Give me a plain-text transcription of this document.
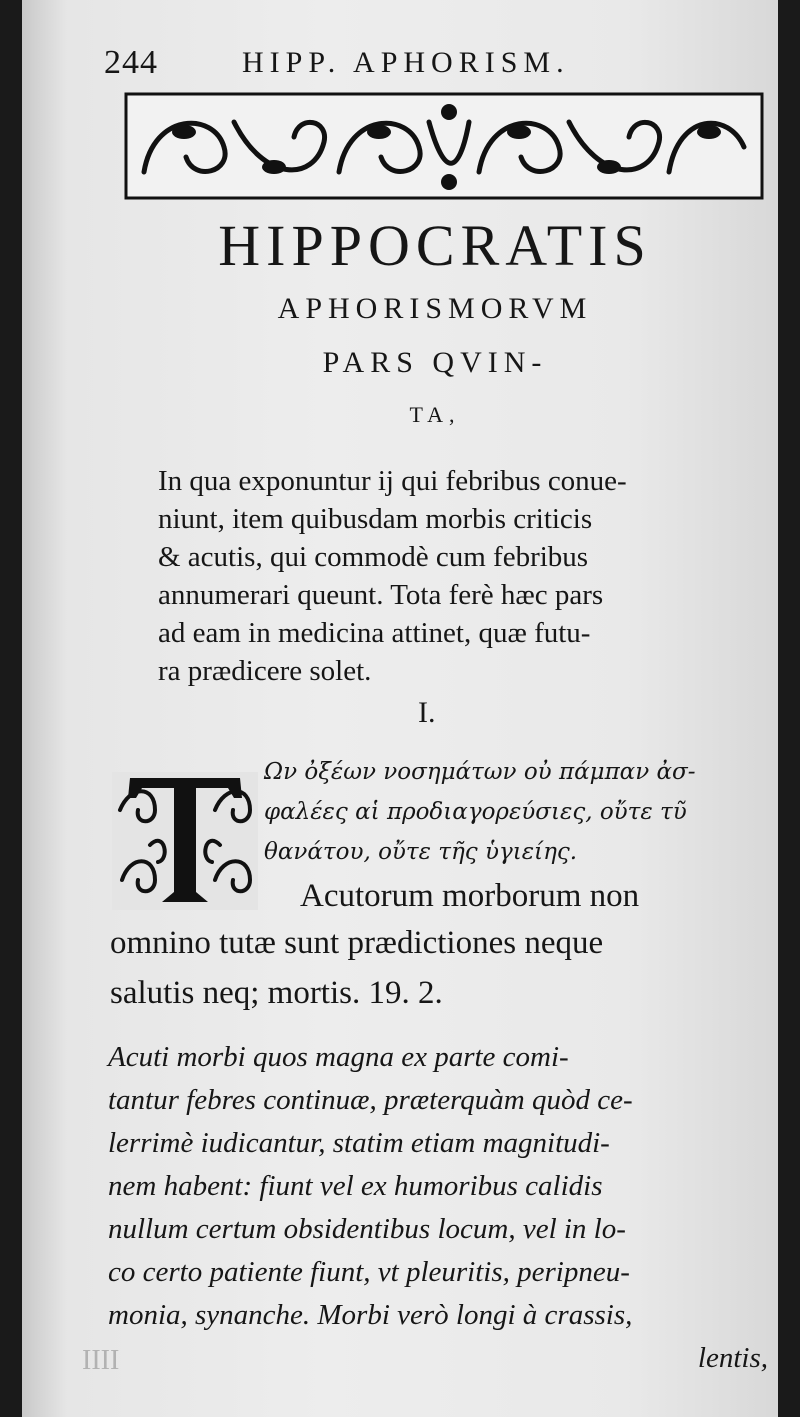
244	HIPP. APHORISM.
HIPPOCRATIS
APHORISMORVM
PARS QVIN-
TA,
In qua exponuntur ij qui febribus conue-
niunt, item quibusdam morbis criticis
& acutis, qui commodè cum febribus
annumerari queunt. Tota ferè hæc pars
ad eam in medicina attinet, quæ futu-
ra prædicere solet.
I.
Ων ὀξέων νοσημάτων οὐ πάμπαν ἀσ-
φαλέες αἱ προδιαγορεύσιες, οὔτε τῦ
θανάτου, οὔτε τῆς ὑγιείης.
Acutorum morborum non
omnino tutæ sunt prædictiones neque
salutis neq; mortis. 19. 2.
Acuti morbi quos magna ex parte comi-
tantur febres continuæ, præterquàm quòd ce-
lerrimè iudicantur, statim etiam magnitudi-
nem habent: fiunt vel ex humoribus calidis
nullum certum obsidentibus locum, vel in lo-
co certo patiente fiunt, vt pleuritis, peripneu-
monia, synanche. Morbi verò longi à crassis,
lentis,
IIII
